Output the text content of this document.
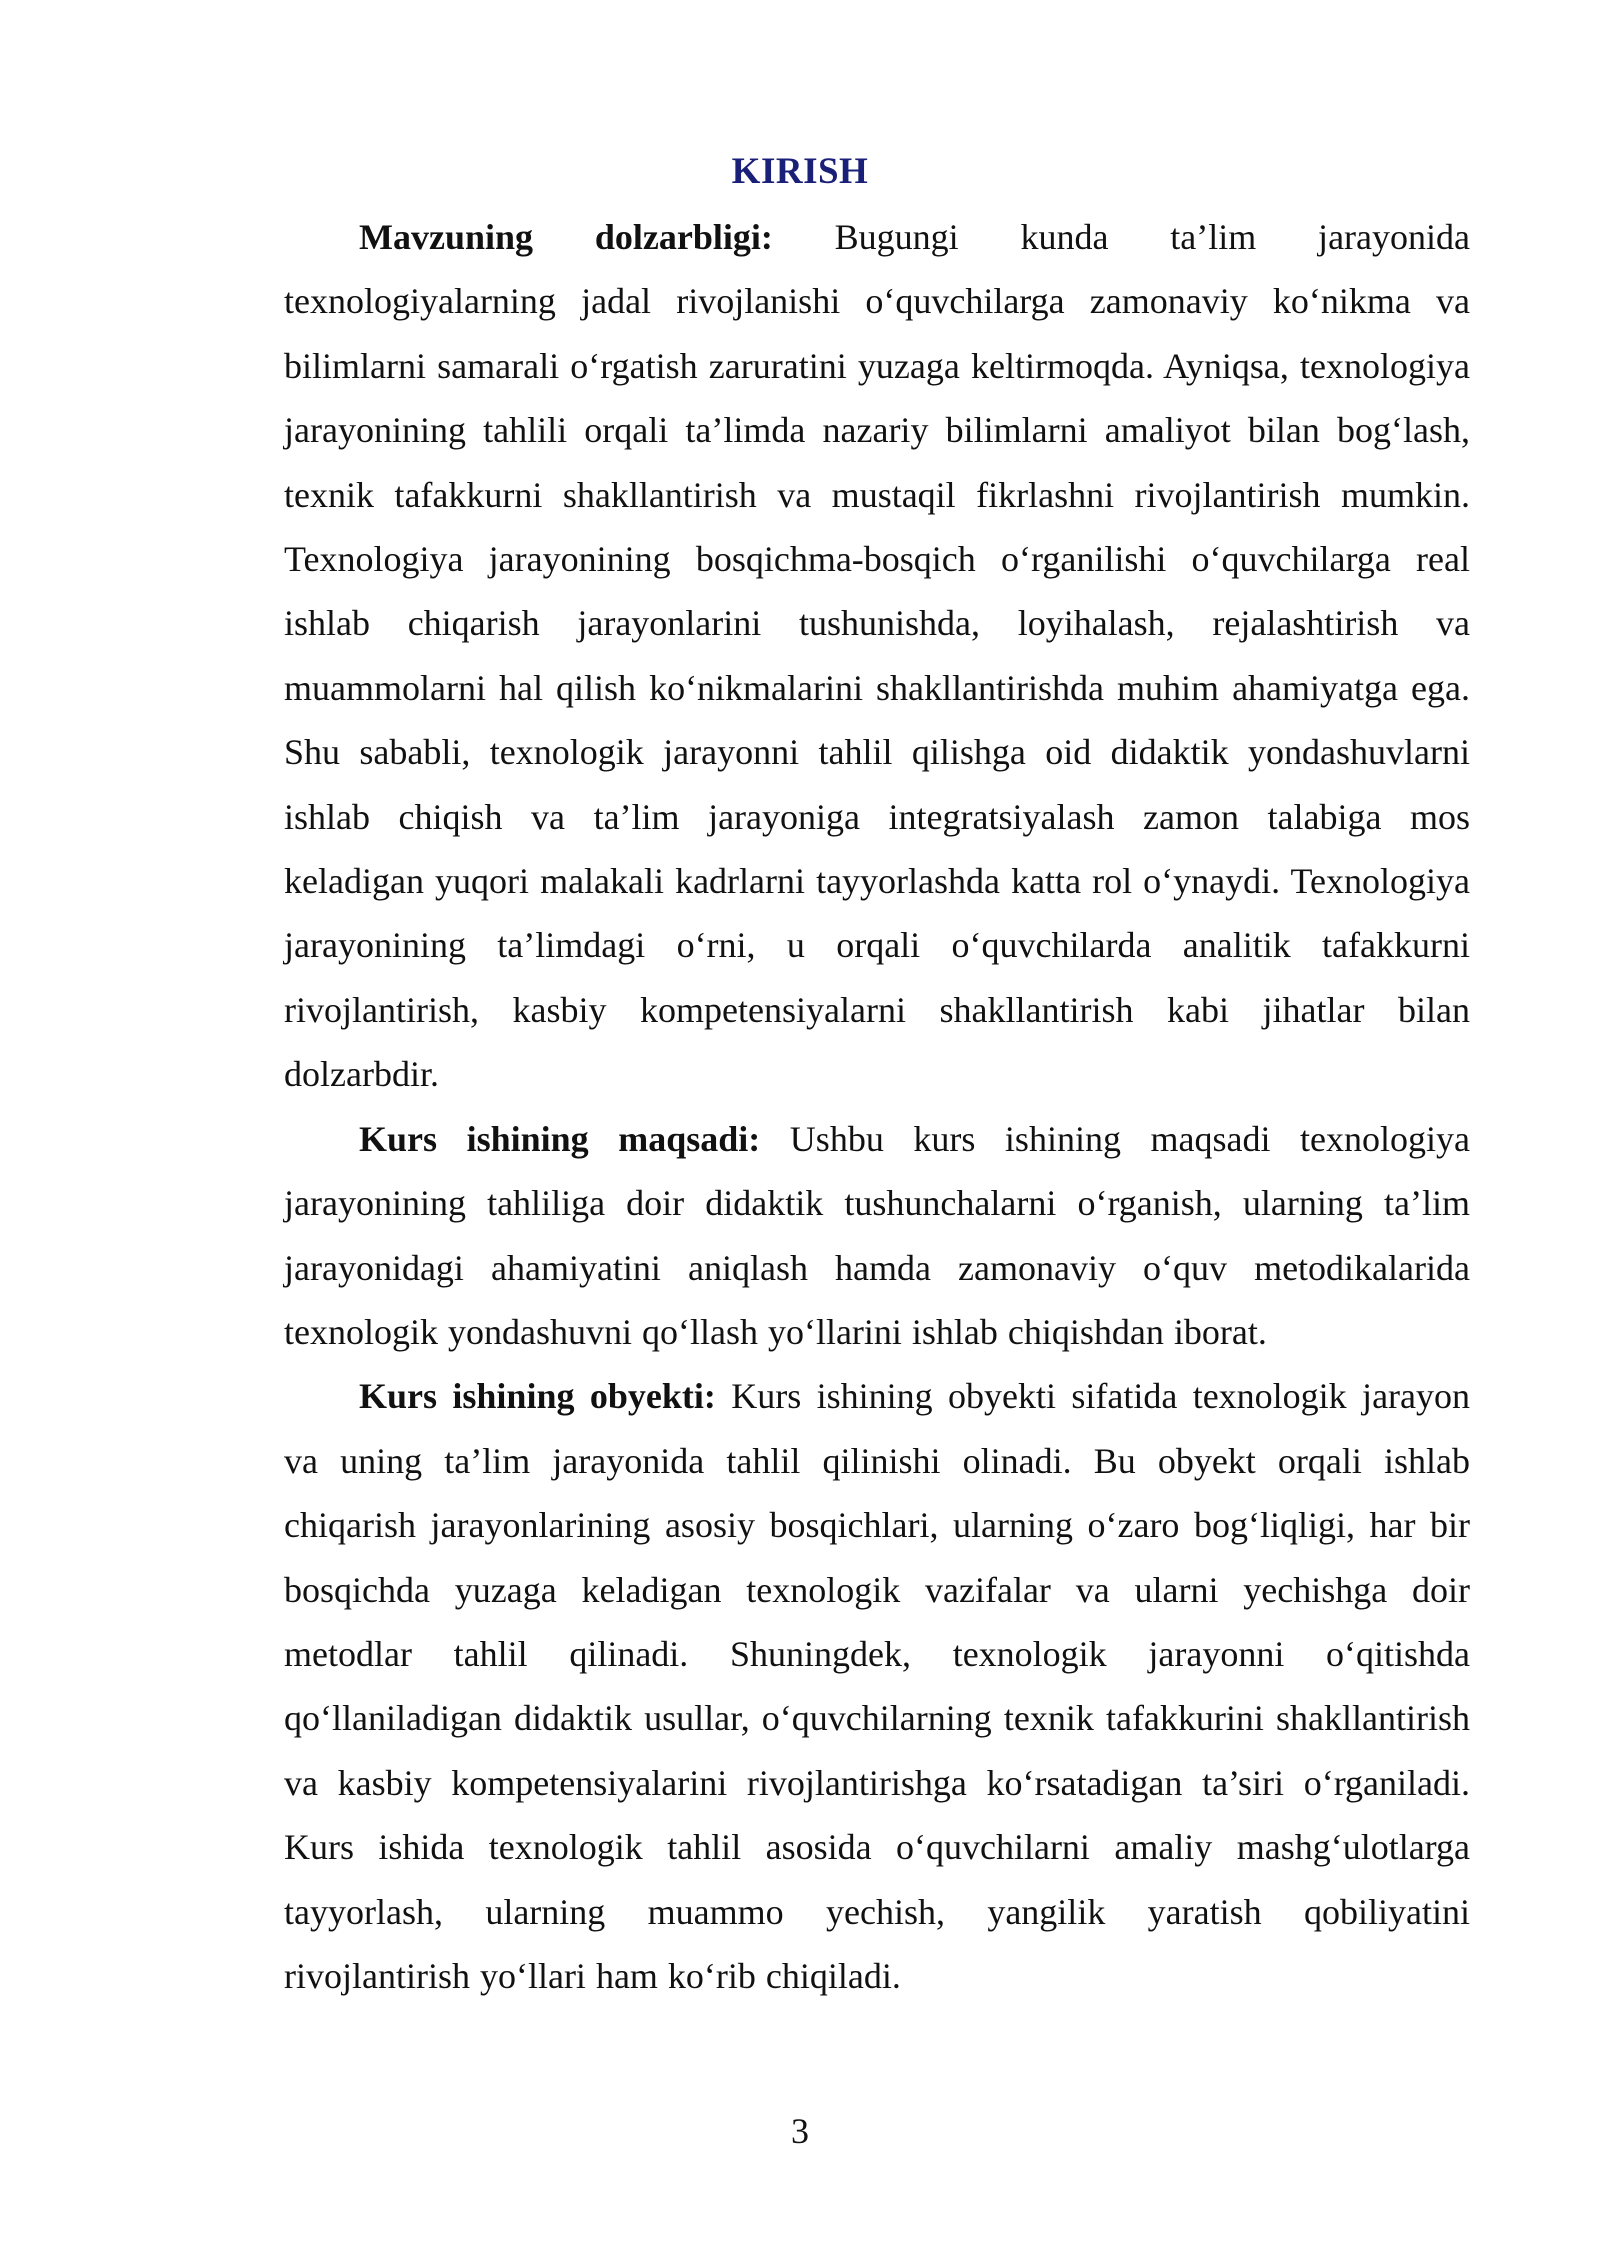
KIRISH

Mavzuning dolzarbligi: Bugungi kunda ta’lim jarayonida texnologiyalarning jadal rivojlanishi o‘quvchilarga zamonaviy ko‘nikma va bilimlarni samarali o‘rgatish zaruratini yuzaga keltirmoqda. Ayniqsa, texnologiya jarayonining tahlili orqali ta’limda nazariy bilimlarni amaliyot bilan bog‘lash, texnik tafakkurni shakllantirish va mustaqil fikrlashni rivojlantirish mumkin. Texnologiya jarayonining bosqichma-bosqich o‘rganilishi o‘quvchilarga real ishlab chiqarish jarayonlarini tushunishda, loyihalash, rejalashtirish va muammolarni hal qilish ko‘nikmalarini shakllantirishda muhim ahamiyatga ega. Shu sababli, texnologik jarayonni tahlil qilishga oid didaktik yondashuvlarni ishlab chiqish va ta’lim jarayoniga integratsiyalash zamon talabiga mos keladigan yuqori malakali kadrlarni tayyorlashda katta rol o‘ynaydi. Texnologiya jarayonining ta’limdagi o‘rni, u orqali o‘quvchilarda analitik tafakkurni rivojlantirish, kasbiy kompetensiyalarni shakllantirish kabi jihatlar bilan dolzarbdir.

Kurs ishining maqsadi: Ushbu kurs ishining maqsadi texnologiya jarayonining tahliliga doir didaktik tushunchalarni o‘rganish, ularning ta’lim jarayonidagi ahamiyatini aniqlash hamda zamonaviy o‘quv metodikalarida texnologik yondashuvni qo‘llash yo‘llarini ishlab chiqishdan iborat.

Kurs ishining obyekti: Kurs ishining obyekti sifatida texnologik jarayon va uning ta’lim jarayonida tahlil qilinishi olinadi. Bu obyekt orqali ishlab chiqarish jarayonlarining asosiy bosqichlari, ularning o‘zaro bog‘liqligi, har bir bosqichda yuzaga keladigan texnologik vazifalar va ularni yechishga doir metodlar tahlil qilinadi. Shuningdek, texnologik jarayonni o‘qitishda qo‘llaniladigan didaktik usullar, o‘quvchilarning texnik tafakkurini shakllantirish va kasbiy kompetensiyalarini rivojlantirishga ko‘rsatadigan ta’siri o‘rganiladi. Kurs ishida texnologik tahlil asosida o‘quvchilarni amaliy mashg‘ulotlarga tayyorlash, ularning muammo yechish, yangilik yaratish qobiliyatini rivojlantirish yo‘llari ham ko‘rib chiqiladi.

3
